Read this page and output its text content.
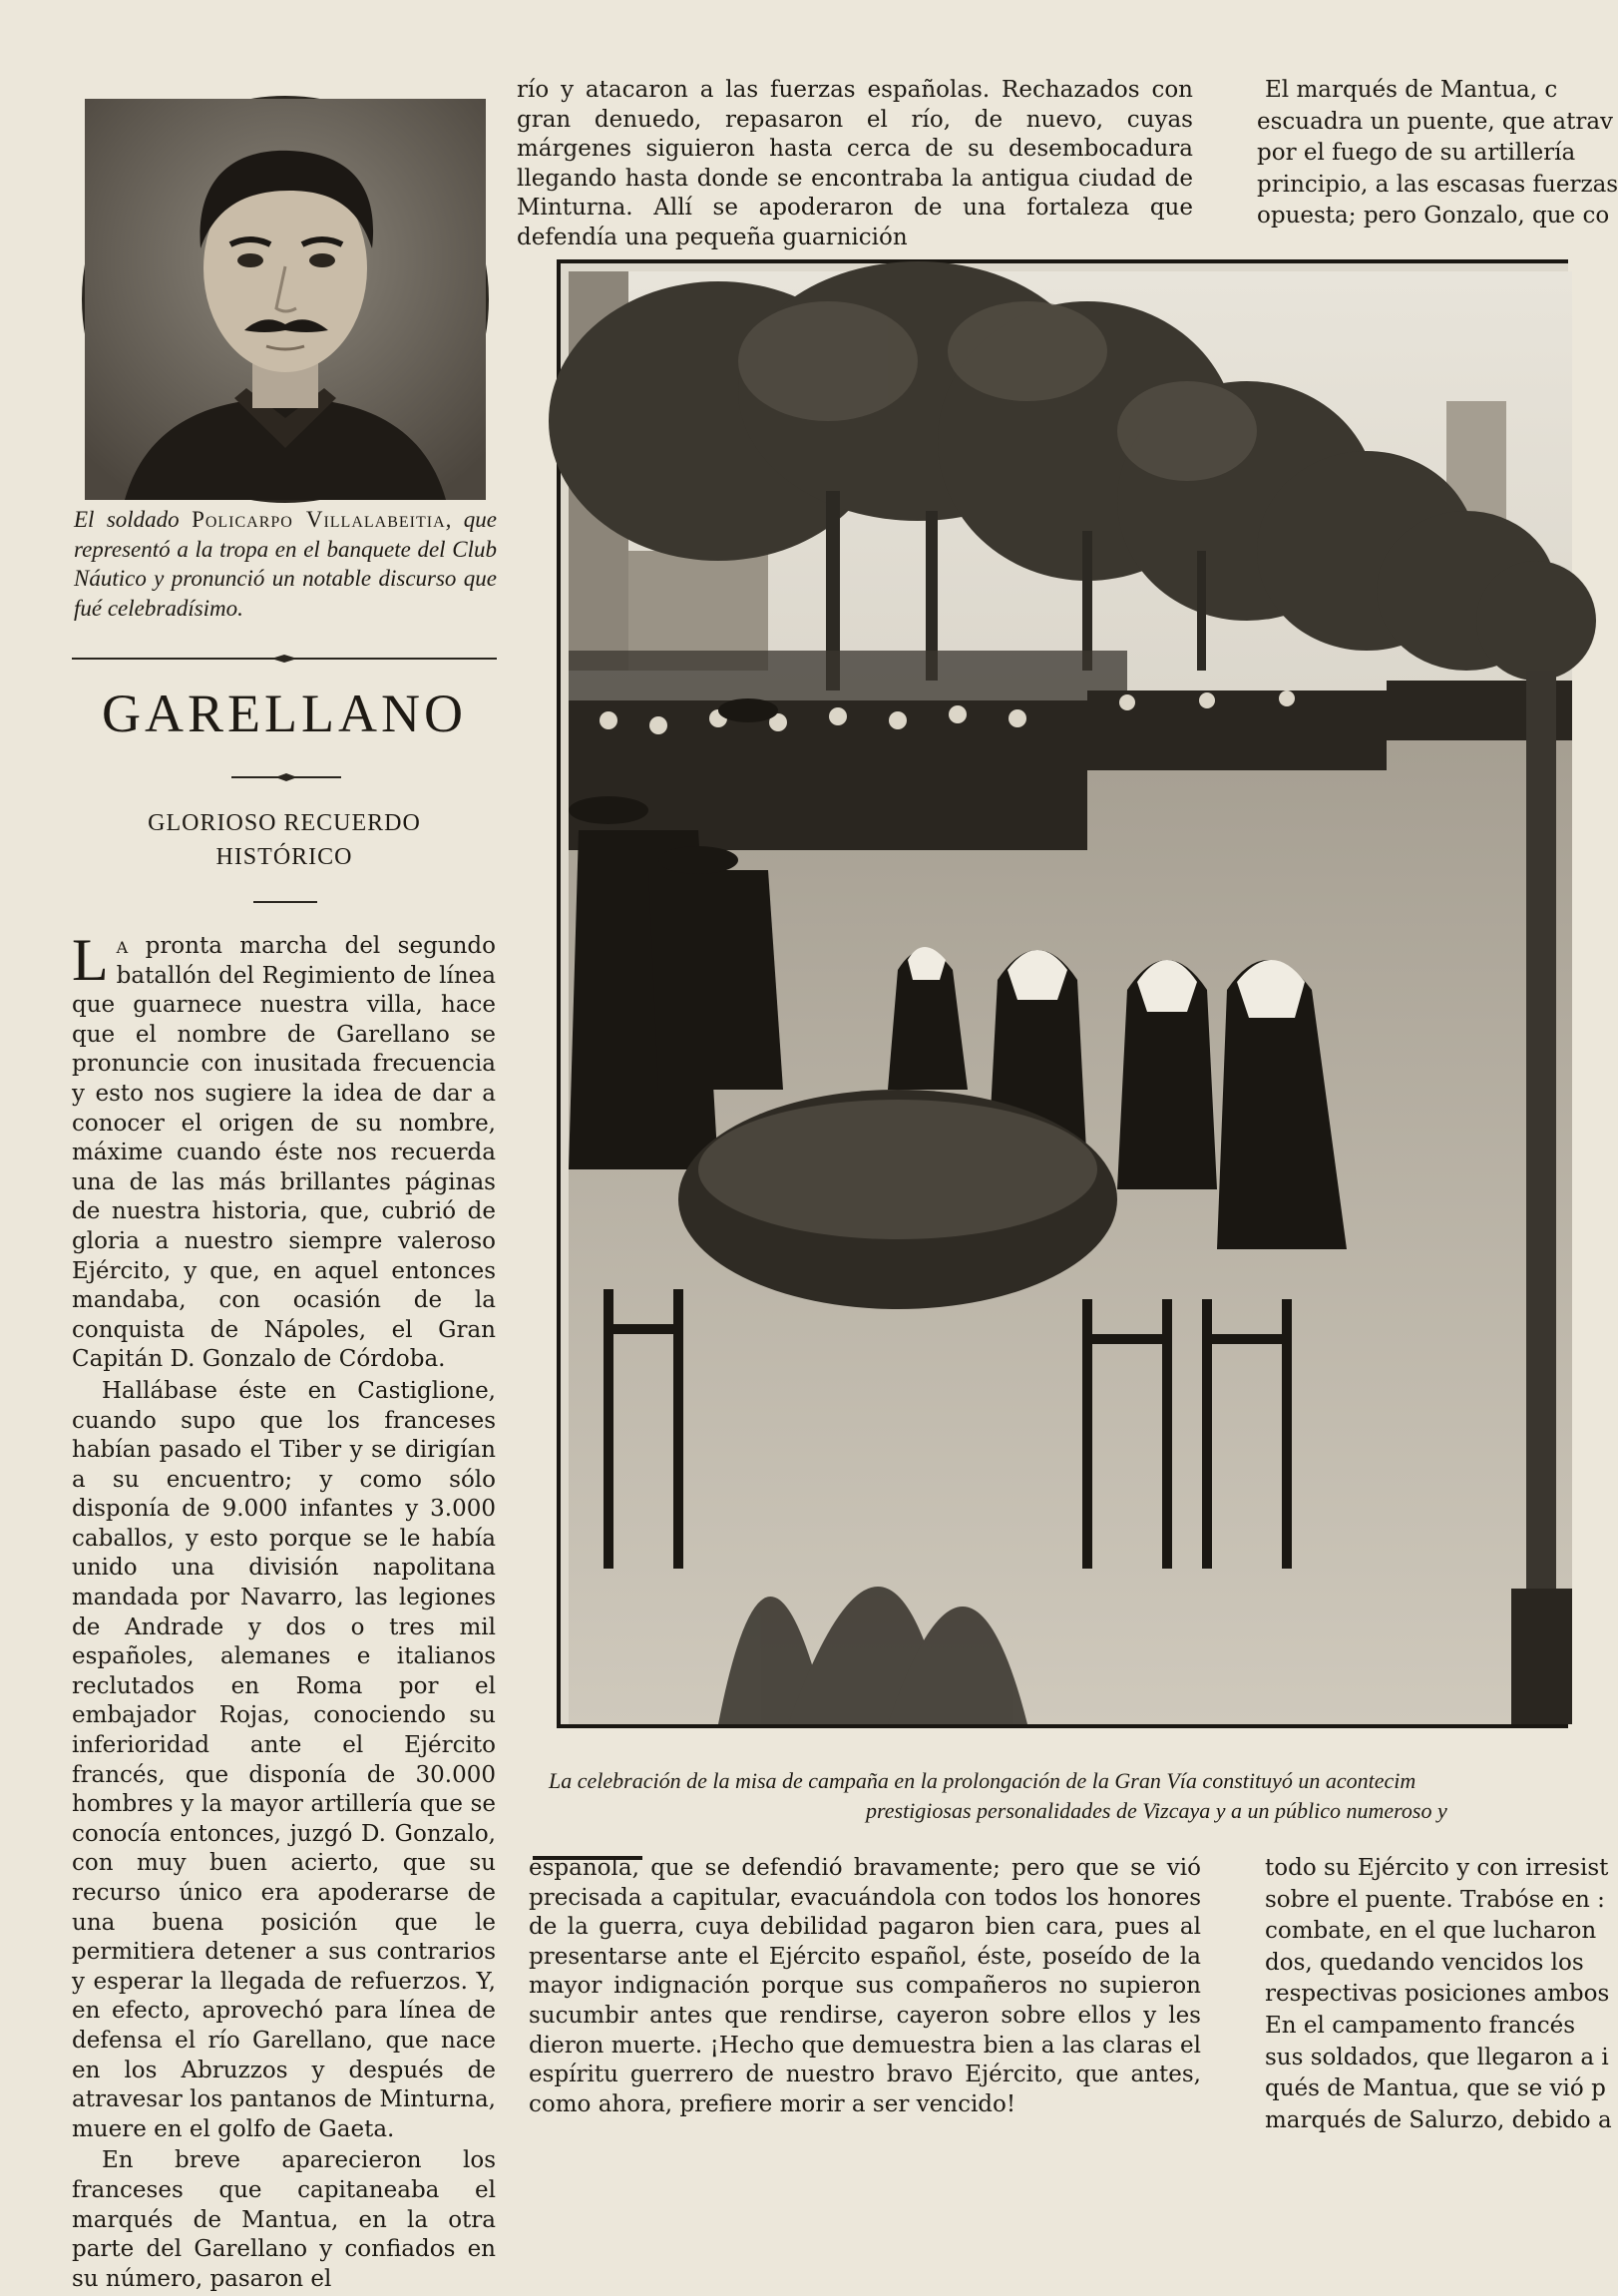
El soldado Policarpo Villalabeitia, que representó a la tropa en el banquete del Club Náutico y pronunció un notable discurso que fué celebradísimo.
GARELLANO
GLORIOSO RECUERDO
HISTÓRICO

La pronta marcha del segundo batallón del Regimiento de línea que guarnece nuestra villa, hace que el nombre de Garellano se pronuncie con inusitada frecuencia y esto nos sugiere la idea de dar a conocer el origen de su nombre, máxime cuando éste nos recuerda una de las más brillantes páginas de nuestra historia, que, cubrió de gloria a nuestro siempre valeroso Ejército, y que, en aquel entonces mandaba, con ocasión de la conquista de Nápoles, el Gran Capitán D. Gonzalo de Córdoba.

Hallábase éste en Castiglione, cuando supo que los franceses habían pasado el Tiber y se dirigían a su encuentro; y como sólo disponía de 9.000 infantes y 3.000 caballos, y esto porque se le había unido una división napolitana mandada por Navarro, las legiones de Andrade y dos o tres mil españoles, alemanes e italianos reclutados en Roma por el embajador Rojas, conociendo su inferioridad ante el Ejército francés, que disponía de 30.000 hombres y la mayor artillería que se conocía entonces, juzgó D. Gonzalo, con muy buen acierto, que su recurso único era apoderarse de una buena posición que le permitiera detener a sus contrarios y esperar la llegada de refuerzos. Y, en efecto, aprovechó para línea de defensa el río Garellano, que nace en los Abruzzos y después de atravesar los pantanos de Minturna, muere en el golfo de Gaeta.

En breve aparecieron los franceses que capitaneaba el marqués de Mantua, en la otra parte del Garellano y confiados en su número, pasaron el

río y atacaron a las fuerzas españolas. Rechazados con gran denuedo, repasaron el río, de nuevo, cuyas márgenes siguieron hasta cerca de su desembocadura llegando hasta donde se encontraba la antigua ciudad de Minturna. Allí se apoderaron de una fortaleza que defendía una pequeña guarnición

El marqués de Mantua, c

escuadra un puente, que atrav

por el fuego de su artillería

principio, a las escasas fuerzas

opuesta; pero Gonzalo, que co

La celebración de la misa de campaña en la prolongación de la Gran Vía constituyó un acontecim
prestigiosas personalidades de Vizcaya y a un público numeroso y

española, que se defendió bravamente; pero que se vió precisada a capitular, evacuándola con todos los honores de la guerra, cuya debilidad pagaron bien cara, pues al presentarse ante el Ejército español, éste, poseído de la mayor indignación porque sus compañeros no supieron sucumbir antes que rendirse, cayeron sobre ellos y les dieron muerte. ¡Hecho que demuestra bien a las claras el espíritu guerrero de nuestro bravo Ejército, que antes, como ahora, prefiere morir a ser vencido!

todo su Ejército y con irresist

sobre el puente. Trabóse en :

combate, en el que lucharon

dos, quedando vencidos los

respectivas posiciones ambos

En el campamento francés

sus soldados, que llegaron a i

qués de Mantua, que se vió p

marqués de Salurzo, debido a
